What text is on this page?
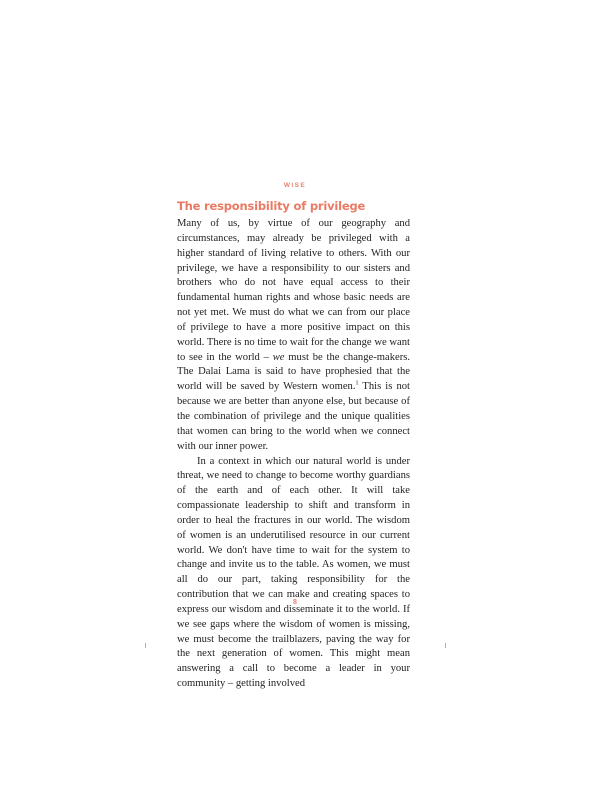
WISE
The responsibility of privilege

Many of us, by virtue of our geography and circumstances, may already be privileged with a higher standard of living relative to others. With our privilege, we have a responsibility to our sisters and brothers who do not have equal access to their fundamental human rights and whose basic needs are not yet met. We must do what we can from our place of privilege to have a more positive impact on this world. There is no time to wait for the change we want to see in the world – we must be the change-makers. The Dalai Lama is said to have prophesied that the world will be saved by Western women.$^1$ This is not because we are better than anyone else, but because of the combination of privilege and the unique qualities that women can bring to the world when we connect with our inner power.

In a context in which our natural world is under threat, we need to change to become worthy guardians of the earth and of each other. It will take compassionate leadership to shift and transform in order to heal the fractures in our world. The wisdom of women is an underutilised resource in our current world. We don't have time to wait for the system to change and invite us to the table. As women, we must all do our part, taking responsibility for the contribution that we can make and creating spaces to express our wisdom and disseminate it to the world. If we see gaps where the wisdom of women is missing, we must become the trailblazers, paving the way for the next generation of women. This might mean answering a call to become a leader in your community – getting involved

8
